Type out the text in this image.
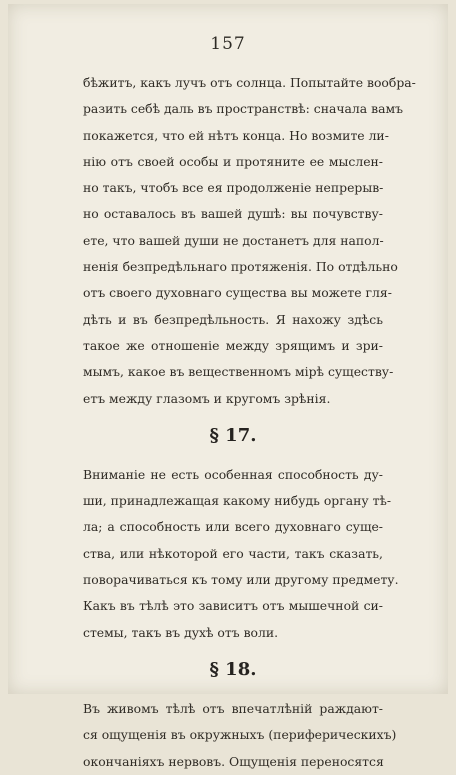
157
бѣжитъ, какъ лучъ отъ солнца. Попытайте вообра-
разить себѣ даль въ пространствѣ: сначала вамъ
покажется, что ей нѣтъ конца. Но возмите ли-
нію отъ своей особы и протяните ее мыслен-
но такъ, чтобъ все ея продолженіе непрерыв-
но оставалось въ вашей душѣ: вы почувству-
ете, что вашей души не достанетъ для напол-
ненія безпредѣльнаго протяженія. По отдѣльно
отъ своего духовнаго существа вы можете гля-
дѣть и въ безпредѣльность. Я нахожу здѣсь
такое же отношеніе между зрящимъ и зри-
мымъ, какое въ вещественномъ мірѣ существу-
етъ между глазомъ и кругомъ зрѣнія.
§ 17.
Вниманіе не есть особенная способность ду-
ши, принадлежащая какому нибудь органу тѣ-
ла; а способность или всего духовнаго суще-
ства, или нѣкоторой его части, такъ сказать,
поворачиваться къ тому или другому предмету.
Какъ въ тѣлѣ это зависитъ отъ мышечной си-
стемы, такъ въ духѣ отъ воли.
§ 18.
Въ живомъ тѣлѣ отъ впечатлѣній раждают-
ся ощущенія въ окружныхъ (периферическихъ)
окончаніяхъ нервовъ. Ощущенія переносятся
